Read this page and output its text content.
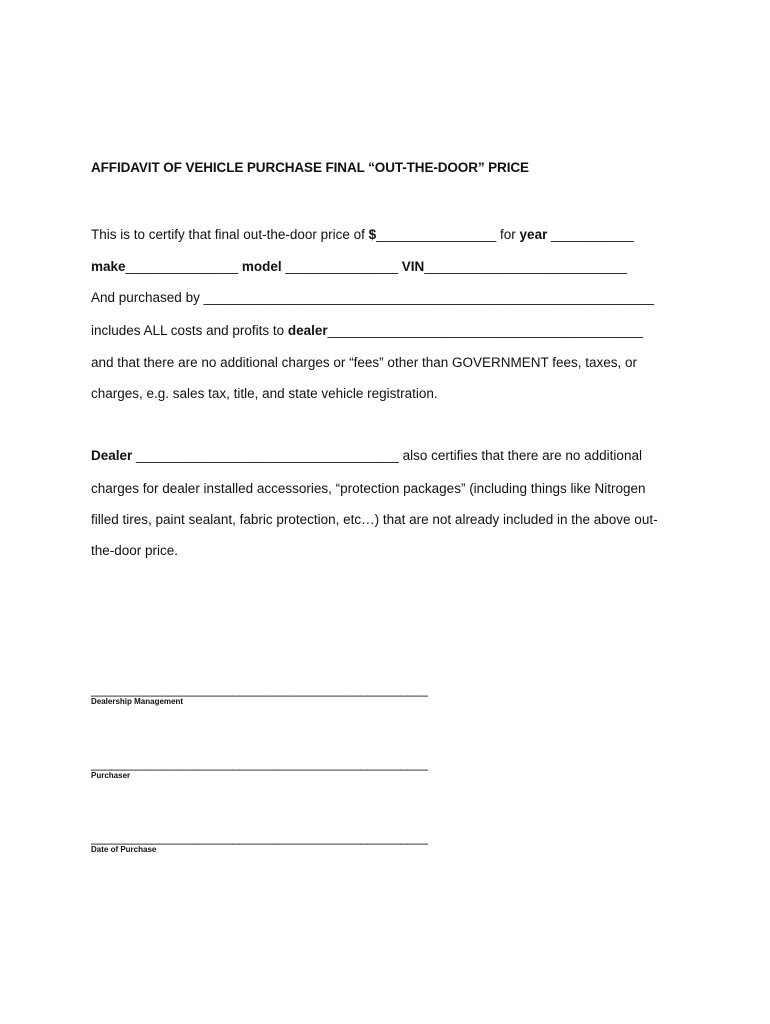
AFFIDAVIT OF VEHICLE PURCHASE FINAL “OUT-THE-DOOR” PRICE
This is to certify that final out-the-door price of $________________ for year ___________
make_______________ model _______________ VIN___________________________
And purchased by ____________________________________________________________
includes ALL costs and profits to dealer__________________________________________
and that there are no additional charges or “fees” other than GOVERNMENT fees, taxes, or
charges, e.g. sales tax, title, and state vehicle registration.
Dealer ___________________________________ also certifies that there are no additional
charges for dealer installed accessories, “protection packages” (including things like Nitrogen
filled tires, paint sealant, fabric protection, etc…) that are not already included in the above out-
the-door price.
__________________________________________________
Dealership Management
__________________________________________________
Purchaser
__________________________________________________
Date of Purchase
